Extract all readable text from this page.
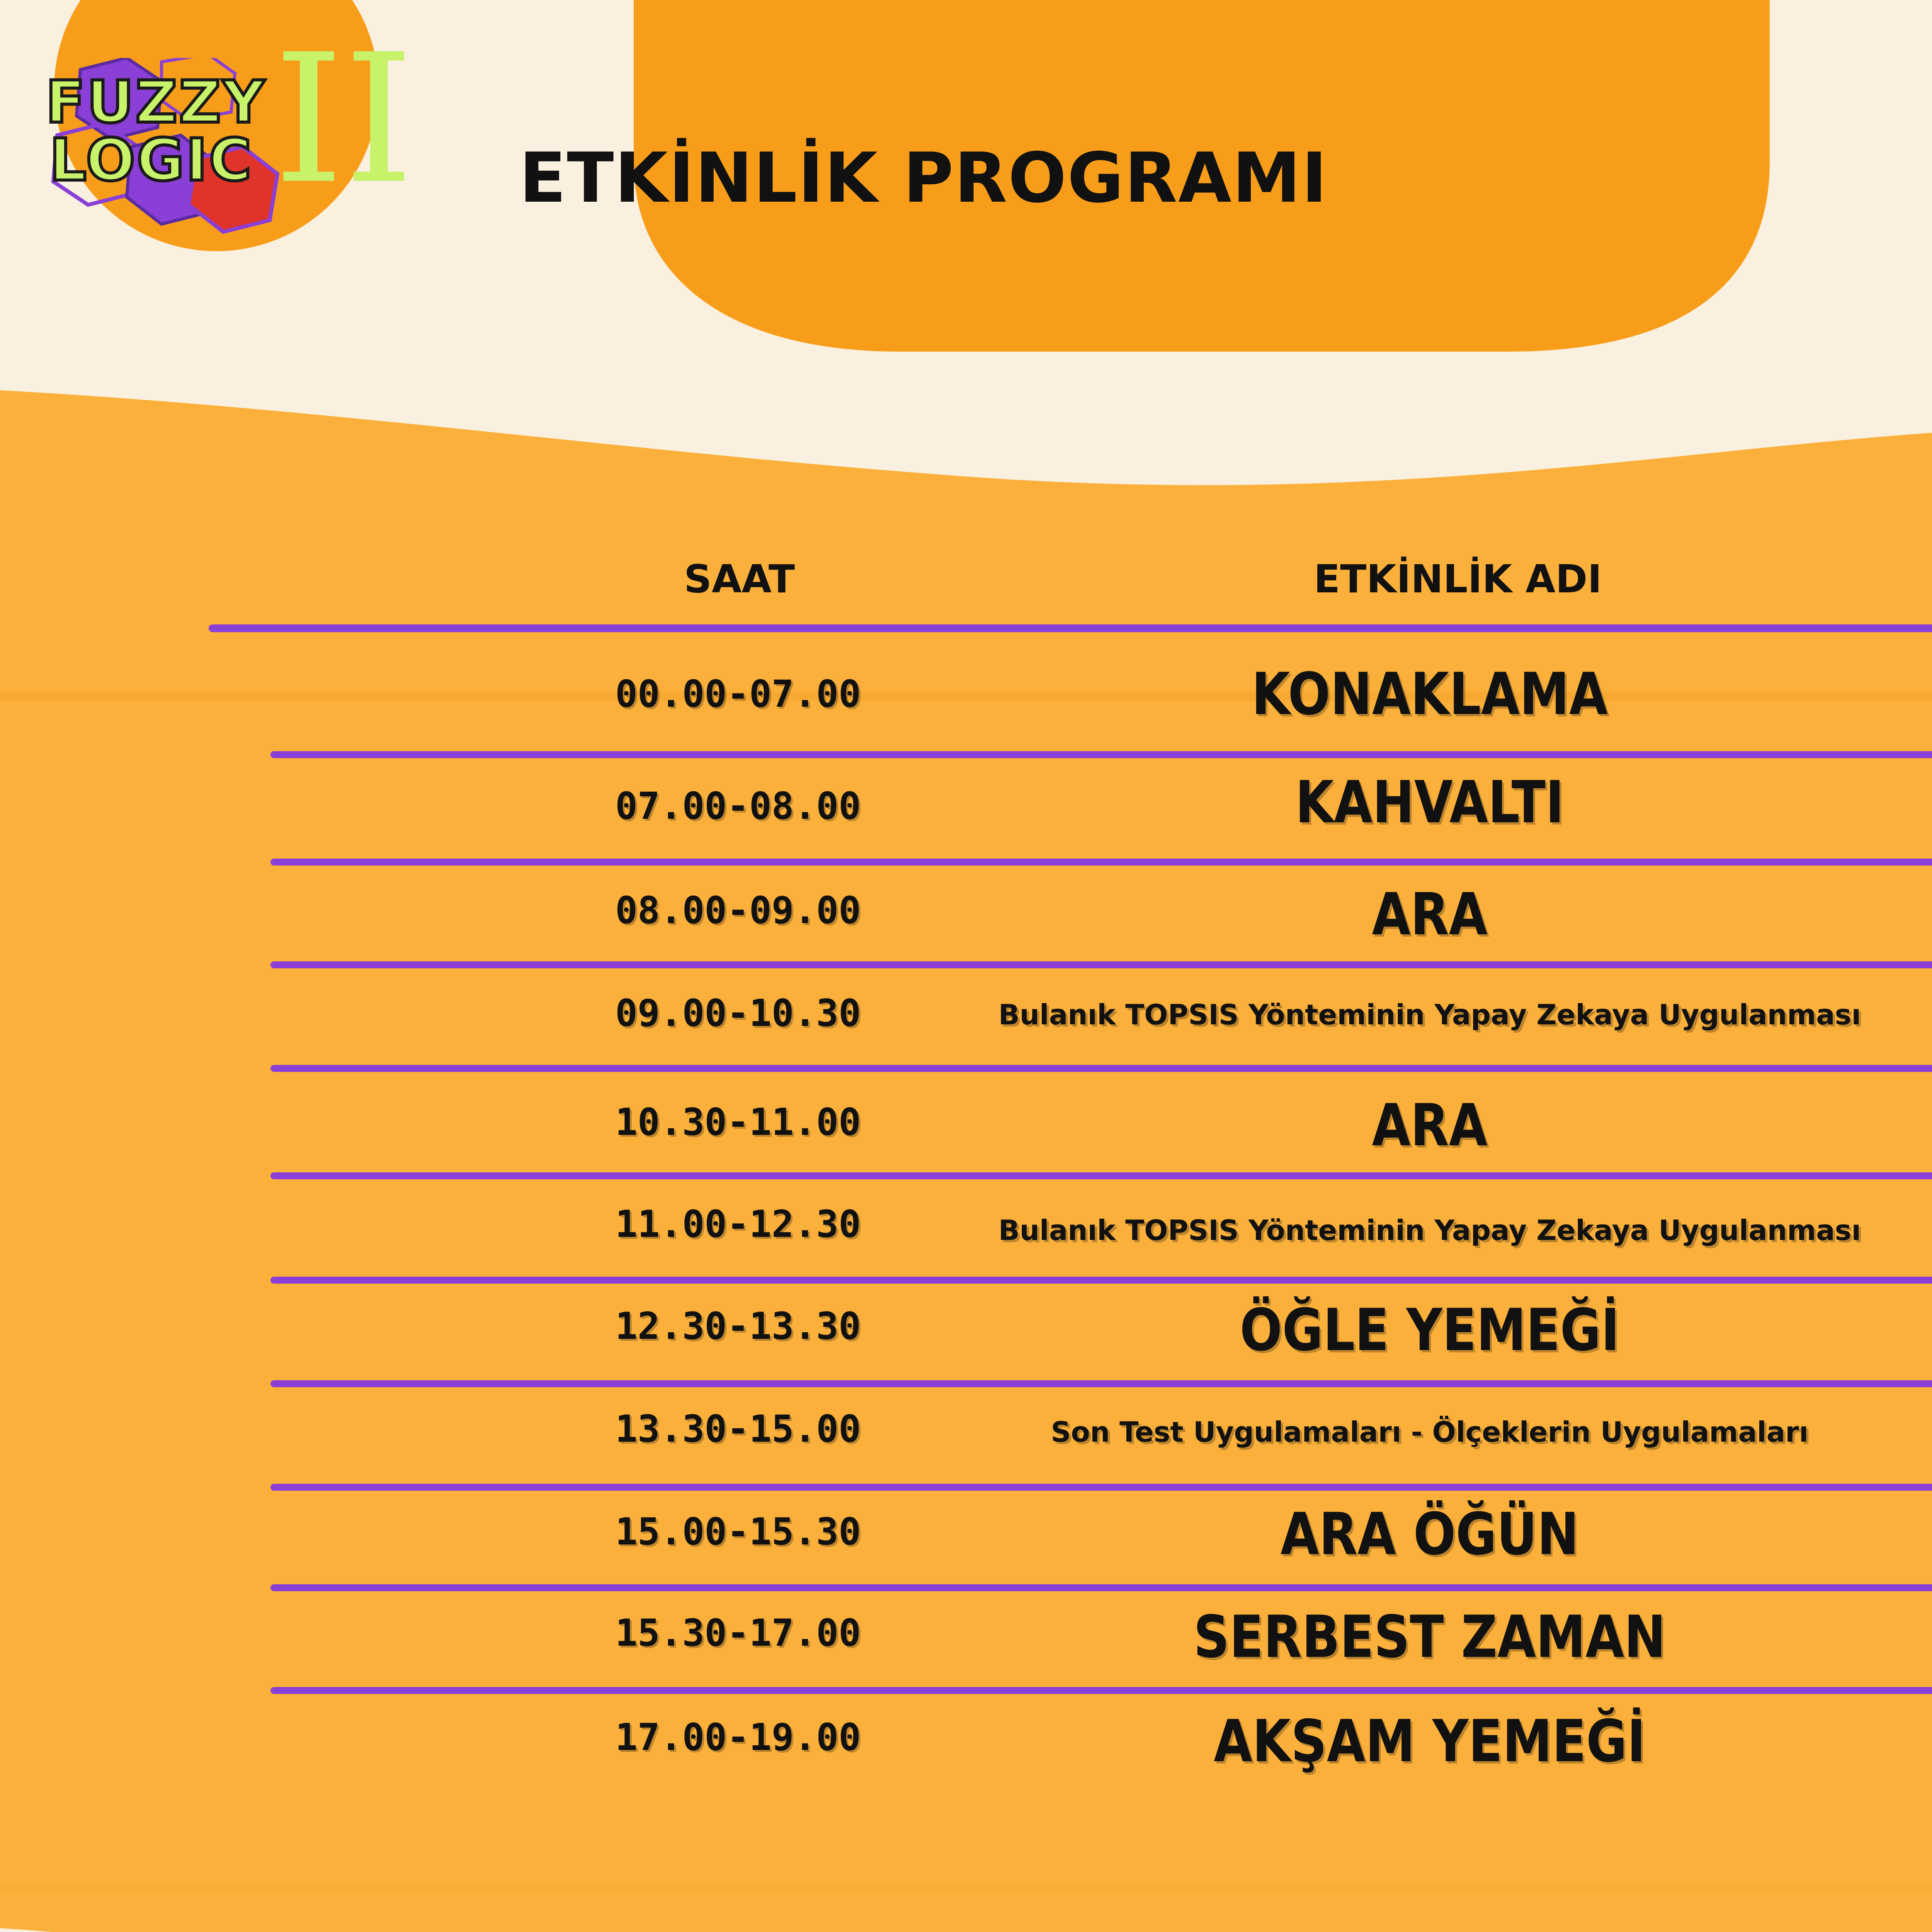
FUZZY
LOGIC II ETKİNLİK PROGRAMI
SAAT	ETKİNLİK ADI
00.00-07.00	KONAKLAMA
07.00-08.00	KAHVALTI
08.00-09.00	ARA
09.00-10.30	Bulanık TOPSIS Yönteminin Yapay Zekaya Uygulanması
10.30-11.00	ARA
11.00-12.30	Bulanık TOPSIS Yönteminin Yapay Zekaya Uygulanması
12.30-13.30	ÖĞLE YEMEĞİ
13.30-15.00	Son Test Uygulamaları - Ölçeklerin Uygulamaları
15.00-15.30	ARA ÖĞÜN
15.30-17.00	SERBEST ZAMAN
17.00-19.00	AKŞAM YEMEĞİ
